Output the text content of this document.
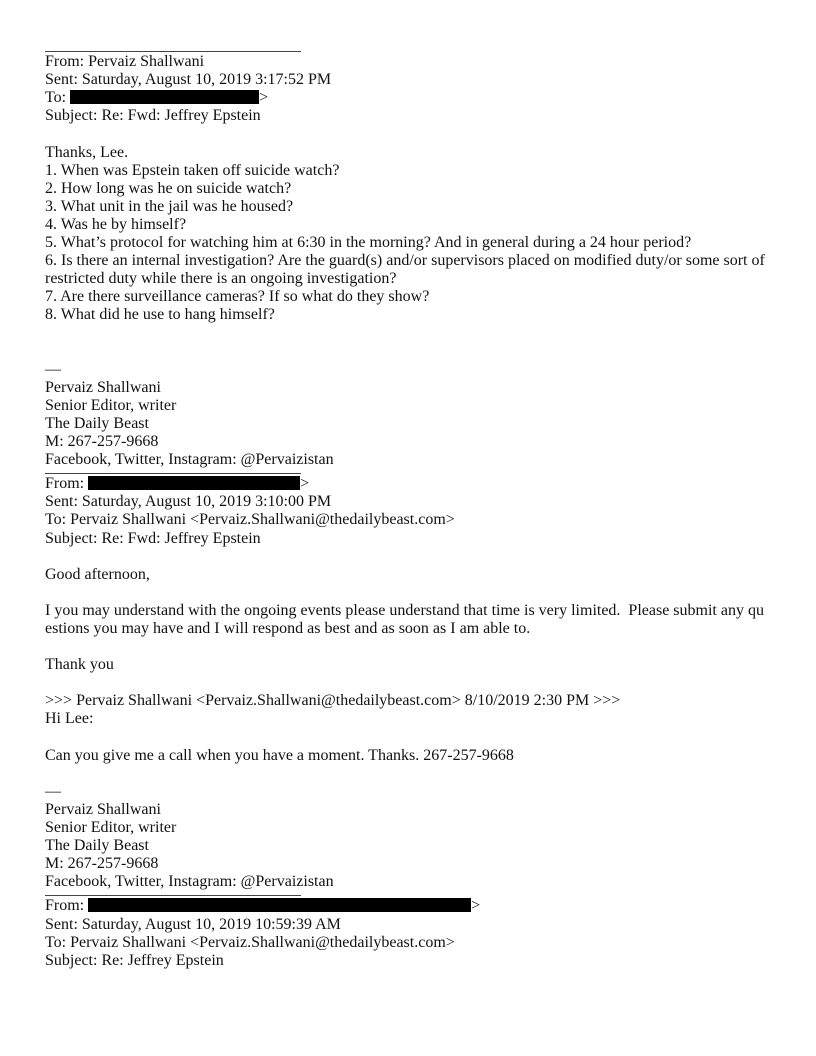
From: Pervaiz Shallwani
Sent: Saturday, August 10, 2019 3:17:52 PM
To:	>
Subject: Re: Fwd: Jeffrey Epstein
Thanks, Lee.
1. When was Epstein taken off suicide watch?
2. How long was he on suicide watch?
3. What unit in the jail was he housed?
4. Was he by himself?
5. What’s protocol for watching him at 6:30 in the morning? And in general during a 24 hour period?
6. Is there an internal investigation? Are the guard(s) and/or supervisors placed on modified duty/or some sort of
restricted duty while there is an ongoing investigation?
7. Are there surveillance cameras? If so what do they show?
8. What did he use to hang himself?
—
Pervaiz Shallwani
Senior Editor, writer
The Daily Beast
M: 267-257-9668
Facebook, Twitter, Instagram: @Pervaizistan
From:	>
Sent: Saturday, August 10, 2019 3:10:00 PM
To: Pervaiz Shallwani <Pervaiz.Shallwani@thedailybeast.com>
Subject: Re: Fwd: Jeffrey Epstein
Good afternoon,
I you may understand with the ongoing events please understand that time is very limited.  Please submit any qu
estions you may have and I will respond as best and as soon as I am able to.
Thank you
>>> Pervaiz Shallwani <Pervaiz.Shallwani@thedailybeast.com> 8/10/2019 2:30 PM >>>
Hi Lee:
Can you give me a call when you have a moment. Thanks. 267-257-9668
—
Pervaiz Shallwani
Senior Editor, writer
The Daily Beast
M: 267-257-9668
Facebook, Twitter, Instagram: @Pervaizistan
From:	>
Sent: Saturday, August 10, 2019 10:59:39 AM
To: Pervaiz Shallwani <Pervaiz.Shallwani@thedailybeast.com>
Subject: Re: Jeffrey Epstein
